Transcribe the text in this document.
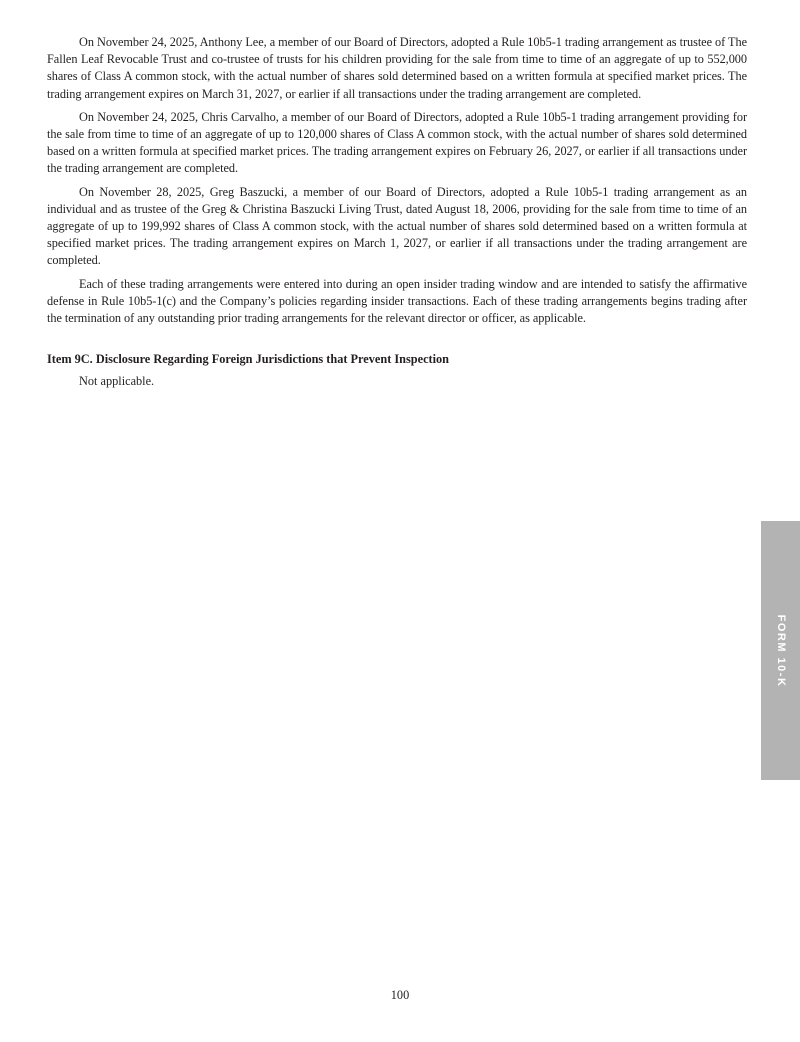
On November 24, 2025, Anthony Lee, a member of our Board of Directors, adopted a Rule 10b5-1 trading arrangement as trustee of The Fallen Leaf Revocable Trust and co-trustee of trusts for his children providing for the sale from time to time of an aggregate of up to 552,000 shares of Class A common stock, with the actual number of shares sold determined based on a written formula at specified market prices. The trading arrangement expires on March 31, 2027, or earlier if all transactions under the trading arrangement are completed.

On November 24, 2025, Chris Carvalho, a member of our Board of Directors, adopted a Rule 10b5-1 trading arrangement providing for the sale from time to time of an aggregate of up to 120,000 shares of Class A common stock, with the actual number of shares sold determined based on a written formula at specified market prices. The trading arrangement expires on February 26, 2027, or earlier if all transactions under the trading arrangement are completed.

On November 28, 2025, Greg Baszucki, a member of our Board of Directors, adopted a Rule 10b5-1 trading arrangement as an individual and as trustee of the Greg & Christina Baszucki Living Trust, dated August 18, 2006, providing for the sale from time to time of an aggregate of up to 199,992 shares of Class A common stock, with the actual number of shares sold determined based on a written formula at specified market prices. The trading arrangement expires on March 1, 2027, or earlier if all transactions under the trading arrangement are completed.

Each of these trading arrangements were entered into during an open insider trading window and are intended to satisfy the affirmative defense in Rule 10b5-1(c) and the Company’s policies regarding insider transactions. Each of these trading arrangements begins trading after the termination of any outstanding prior trading arrangements for the relevant director or officer, as applicable.

Item 9C. Disclosure Regarding Foreign Jurisdictions that Prevent Inspection

Not applicable.

FORM 10-K
100
